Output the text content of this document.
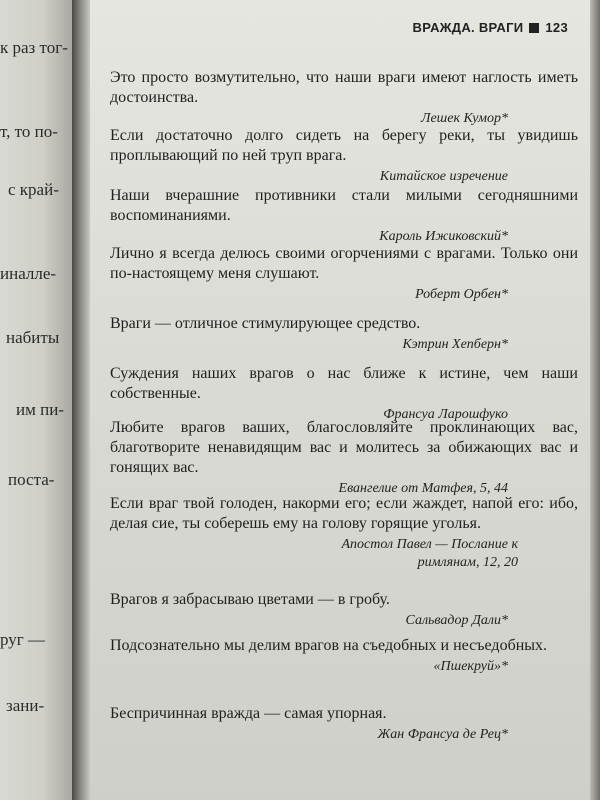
к раз тог-
т, то по-
с край-
иналле-
набиты
им пи-
поста-
руг —
зани-
ВРАЖДА. ВРАГИ 123
Это просто возмутительно, что наши враги имеют наглость иметь достоинства.
Лешек Кумор*
Если достаточно долго сидеть на берегу реки, ты увидишь проплывающий по ней труп врага.
Китайское изречение
Наши вчерашние противники стали милыми сегодняшними воспоминаниями.
Кароль Ижиковский*
Лично я всегда делюсь своими огорчениями с врагами. Только они по-настоящему меня слушают.
Роберт Орбен*
Враги — отличное стимулирующее средство.
Кэтрин Хепберн*
Суждения наших врагов о нас ближе к истине, чем наши собственные.
Франсуа Ларошфуко
Любите врагов ваших, благословляйте проклинающих вас, благотворите ненавидящим вас и молитесь за обижающих вас и гонящих вас.
Евангелие от Матфея, 5, 44
Если враг твой голоден, накорми его; если жаждет, напой его: ибо, делая сие, ты соберешь ему на голову горящие уголья.
Апостол Павел — Послание к римлянам, 12, 20
Врагов я забрасываю цветами — в гробу.
Сальвадор Дали*
Подсознательно мы делим врагов на съедобных и несъедобных.
«Пшекруй»*
Беспричинная вражда — самая упорная.
Жан Франсуа де Рец*
